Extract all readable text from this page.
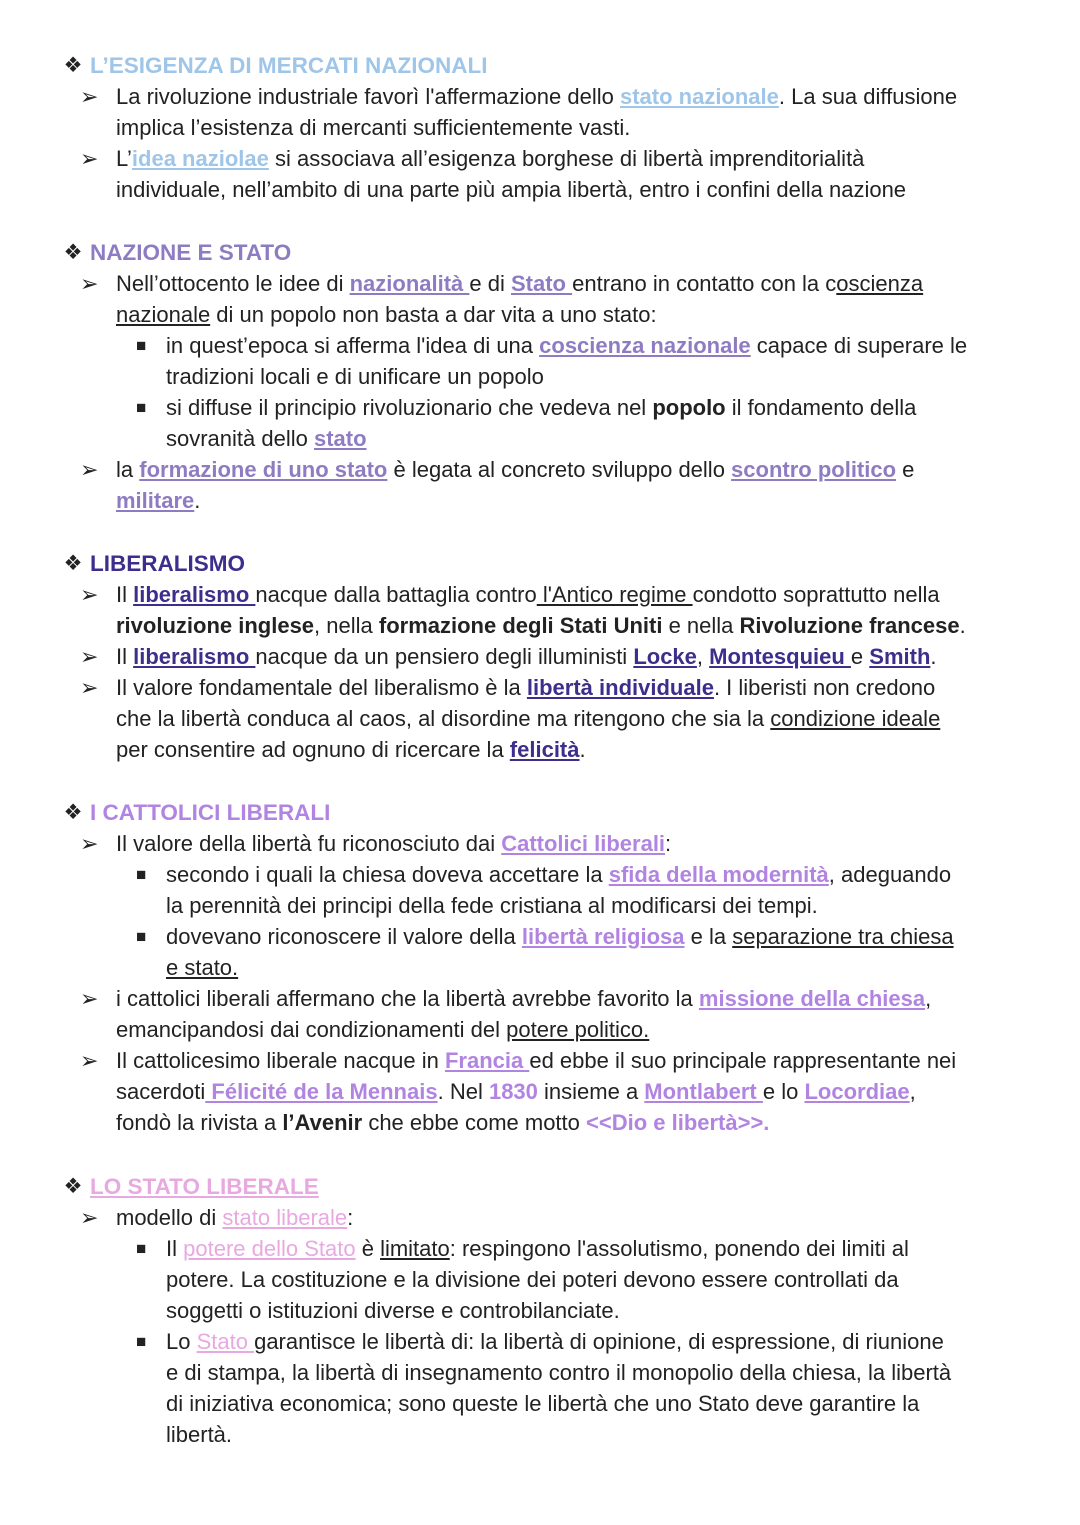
❖ L’ESIGENZA DI MERCATI NAZIONALI
➢ La rivoluzione industriale favorì l'affermazione dello stato nazionale. La sua diffusione
implica l’esistenza di mercanti sufficientemente vasti.
➢ L’idea naziolae si associava all’esigenza borghese di libertà imprenditorialità
individuale, nell’ambito di una parte più ampia libertà, entro i confini della nazione
❖ NAZIONE E STATO
➢ Nell’ottocento le idee di nazionalità e di Stato entrano in contatto con la coscienza
nazionale di un popolo non basta a dar vita a uno stato:
■ in quest’epoca si afferma l'idea di una coscienza nazionale capace di superare le
tradizioni locali e di unificare un popolo
■ si diffuse il principio rivoluzionario che vedeva nel popolo il fondamento della
sovranità dello stato
➢ la formazione di uno stato è legata al concreto sviluppo dello scontro politico e
militare.
❖ LIBERALISMO
➢ Il liberalismo nacque dalla battaglia contro l'Antico regime condotto soprattutto nella
rivoluzione inglese, nella formazione degli Stati Uniti e nella Rivoluzione francese.
➢ Il liberalismo nacque da un pensiero degli illuministi Locke, Montesquieu e Smith.
➢ Il valore fondamentale del liberalismo è la libertà individuale. I liberisti non credono
che la libertà conduca al caos, al disordine ma ritengono che sia la condizione ideale
per consentire ad ognuno di ricercare la felicità.
❖ I CATTOLICI LIBERALI
➢ Il valore della libertà fu riconosciuto dai Cattolici liberali:
■ secondo i quali la chiesa doveva accettare la sfida della modernità, adeguando
la perennità dei principi della fede cristiana al modificarsi dei tempi.
■ dovevano riconoscere il valore della libertà religiosa e la separazione tra chiesa
e stato.
➢ i cattolici liberali affermano che la libertà avrebbe favorito la missione della chiesa,
emancipandosi dai condizionamenti del potere politico.
➢ Il cattolicesimo liberale nacque in Francia ed ebbe il suo principale rappresentante nei
sacerdoti Félicité de la Mennais. Nel 1830 insieme a Montlabert e lo Locordiae,
fondò la rivista a l’Avenir che ebbe come motto <<Dio e libertà>>.
❖ LO STATO LIBERALE
➢ modello di stato liberale:
■ Il potere dello Stato è limitato: respingono l'assolutismo, ponendo dei limiti al
potere. La costituzione e la divisione dei poteri devono essere controllati da
soggetti o istituzioni diverse e controbilanciate.
■ Lo Stato garantisce le libertà di: la libertà di opinione, di espressione, di riunione
e di stampa, la libertà di insegnamento contro il monopolio della chiesa, la libertà
di iniziativa economica; sono queste le libertà che uno Stato deve garantire la
libertà.
